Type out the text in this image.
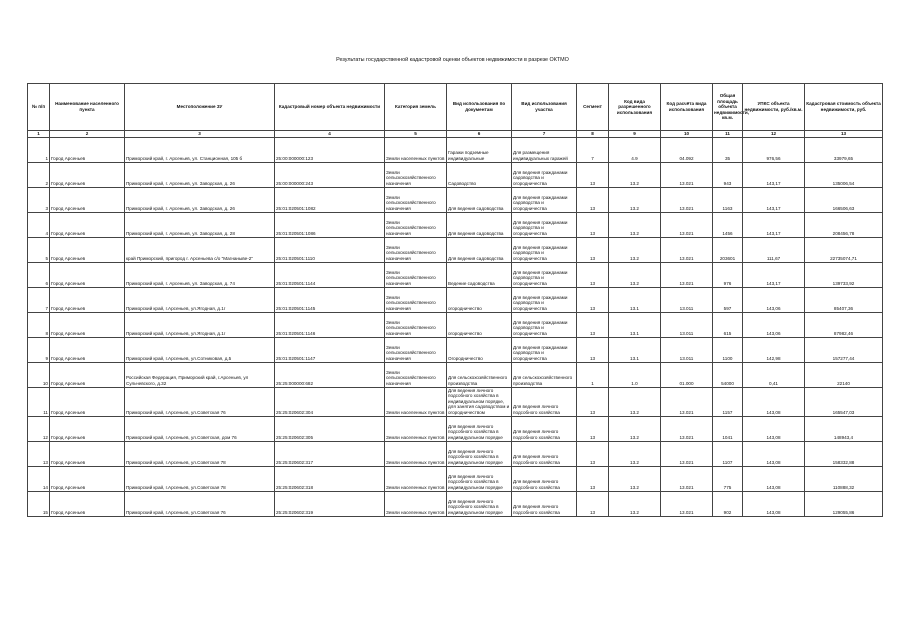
Результаты государственной кадастровой оценки объектов недвижимости в разрезе ОКТМО
№ п/п	Наименование населенного пункта	Местоположение ЗУ	Кадастровый номер объекта недвижимости	Категория земель	Вид использования по документам	Вид использования участка	Сегмент	Код вида разрешенного использования	Код расчёта вида использования	Общая площадь объекта недвижимости, кв.м.	УПКС объекта недвижимости, руб./кв.м.	Кадастровая стоимость объекта недвижимости, руб.
1	2	3	4	5	6	7	8	9	10	11	12	13
1	Город Арсеньев	Приморский край, г. Арсеньев, ул. Станционная, 105 б	25:00:000000:123	Земли населенных пунктов	Гаражи подземные индивидуальные	Для размещения индивидуальных гаражей	7	4.9	04.092	35	976,56	33979,65
2	Город Арсеньев	Приморский край, г. Арсеньев, ул. Заводская, д. 26	25:00:000000:243	Земли сельскохозяйственного назначения	Садоводство	Для ведения гражданами садоводства и огородничества	13	13.2	13.021	943	143,17	135006,54
3	Город Арсеньев	Приморский край, г. Арсеньев, ул. Заводская, д. 26	25:01:020501:1082	Земли сельскохозяйственного назначения	Для ведения садоводства	Для ведения гражданами садоводства и огородничества	13	13.2	13.021	1163	143,17	166506,63
4	Город Арсеньев	Приморский край, г. Арсеньев, ул. Заводская, д. 28	25:01:020501:1086	Земли сельскохозяйственного назначения	Для ведения садоводства	Для ведения гражданами садоводства и огородничества	13	13.2	13.021	1456	143,17	208456,78
5	Город Арсеньев	край Приморский, пригород г. Арсеньева с/о "Магнаныве-2"	25:01:020501:1110	Земли сельскохозяйственного назначения	Для ведения садоводства	Для ведения гражданами садоводства и огородничества	13	13.2	13.021	203601	111,67	22735074,71
6	Город Арсеньев	Приморский край, г. Арсеньев, ул. Заводская, д. 74	25:01:020501:1144	Земли сельскохозяйственного назначения	Ведение садоводства	Для ведения гражданами садоводства и огородничества	13	13.2	13.021	976	143,17	139733,92
7	Город Арсеньев	Приморский край, г.Арсеньев, ул.Ягодная, д.1г	25:01:020501:1145	Земли сельскохозяйственного назначения	огородничество	Для ведения гражданами садоводства и огородничества	13	13.1	13.011	597	143,06	85407,36
8	Город Арсеньев	Приморский край, г.Арсеньев, ул.Ягодная, д.1г	25:01:020501:1146	Земли сельскохозяйственного назначения	огородничество	Для ведения гражданами садоводства и огородничества	13	13.1	13.011	615	143,06	87982,46
9	Город Арсеньев	Приморский край, г.Арсеньев, ул.Сотниковая, д.5	25:01:020501:1147	Земли сельскохозяйственного назначения	Огородничество	Для ведения гражданами садоводства и огородничества	13	13.1	13.011	1100	142,98	157277,44
10	Город Арсеньев	Российская Федерация, Приморский край, г.Арсеньев, ул Сульчевского, д.32	25:25:000000:682	Земли сельскохозяйственного назначения	Для сельскохозяйственного производства	Для сельскохозяйственного производства	1	1.0	01.000	54000	0,41	22140
11	Город Арсеньев	Приморский край, г.Арсеньев, ул.Советская 76	25:25:020602:304	Земли населенных пунктов	Для ведения личного подсобного хозяйства в индивидуальном порядке, для занятия садоводством и огородничеством	Для ведения личного подсобного хозяйства	13	13.2	13.021	1157	143,08	165547,03
12	Город Арсеньев	Приморский край, г.Арсеньев, ул.Советская, дом 76	25:25:020602:305	Земли населенных пунктов	Для ведения личного подсобного хозяйства в индивидуальном порядке	Для ведения личного подсобного хозяйства	13	13.2	13.021	1041	143,08	148943,4
13	Город Арсеньев	Приморский край, г.Арсеньев, ул.Советская 78	25:25:020602:317	Земли населенных пунктов	Для ведения личного подсобного хозяйства в индивидуальном порядке	Для ведения личного подсобного хозяйства	13	13.2	13.021	1107	143,08	158332,88
14	Город Арсеньев	Приморский край, г.Арсеньев, ул.Советская 78	25:25:020602:318	Земли населенных пунктов	Для ведения личного подсобного хозяйства в индивидуальном порядке	Для ведения личного подсобного хозяйства	13	13.2	13.021	775	143,08	110888,32
15	Город Арсеньев	Приморский край, г.Арсеньев, ул.Советская 76	25:25:020602:319	Земли населенных пунктов	Для ведения личного подсобного хозяйства в индивидуальном порядке	Для ведения личного подсобного хозяйства	13	13.2	13.021	902	143,08	129055,86
